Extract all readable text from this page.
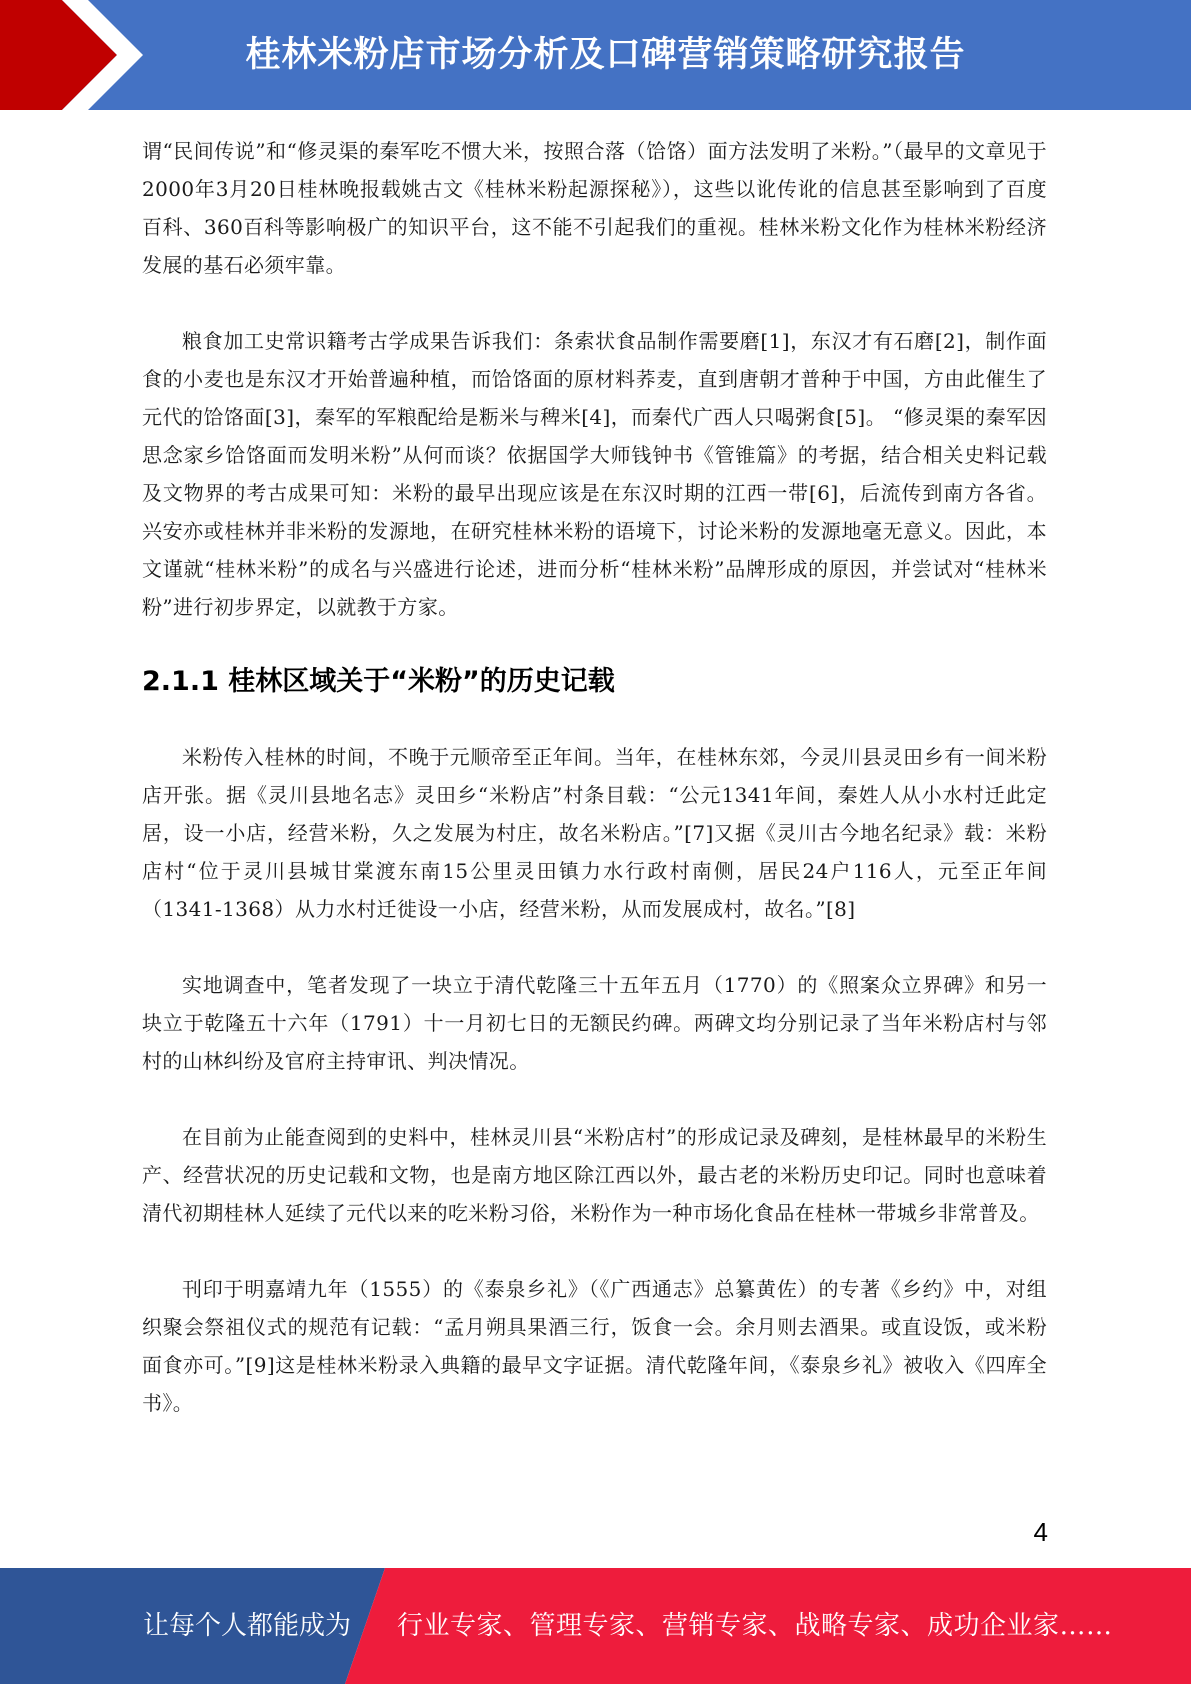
桂林米粉店市场分析及口碑营销策略研究报告

谓“民间传说”和“修灵渠的秦军吃不惯大米，按照合落（饸饹）面方法发明了米粉。”（最早的文章见于2000年3月20日桂林晚报载姚古文《桂林米粉起源探秘》），这些以讹传讹的信息甚至影响到了百度百科、360百科等影响极广的知识平台，这不能不引起我们的重视。桂林米粉文化作为桂林米粉经济发展的基石必须牢靠。

粮食加工史常识籍考古学成果告诉我们：条索状食品制作需要磨[1]，东汉才有石磨[2]，制作面食的小麦也是东汉才开始普遍种植，而饸饹面的原材料荞麦，直到唐朝才普种于中国，方由此催生了元代的饸饹面[3]，秦军的军粮配给是粝米与稗米[4]，而秦代广西人只喝粥食[5]。 “修灵渠的秦军因思念家乡饸饹面而发明米粉”从何而谈？依据国学大师钱钟书《管锥篇》的考据，结合相关史料记载及文物界的考古成果可知：米粉的最早出现应该是在东汉时期的江西一带[6]，后流传到南方各省。兴安亦或桂林并非米粉的发源地，在研究桂林米粉的语境下，讨论米粉的发源地毫无意义。因此，本文谨就“桂林米粉”的成名与兴盛进行论述，进而分析“桂林米粉”品牌形成的原因，并尝试对“桂林米粉”进行初步界定，以就教于方家。

2.1.1 桂林区域关于“米粉”的历史记载

米粉传入桂林的时间，不晚于元顺帝至正年间。当年，在桂林东郊，今灵川县灵田乡有一间米粉店开张。据《灵川县地名志》灵田乡“米粉店”村条目载：“公元1341年间，秦姓人从小水村迁此定居，设一小店，经营米粉，久之发展为村庄，故名米粉店。”[7]又据《灵川古今地名纪录》载：米粉店村“位于灵川县城甘棠渡东南15公里灵田镇力水行政村南侧，居民24户116人，元至正年间（1341-1368）从力水村迁徙设一小店，经营米粉，从而发展成村，故名。”[8]

实地调查中，笔者发现了一块立于清代乾隆三十五年五月（1770）的《照案众立界碑》和另一块立于乾隆五十六年（1791）十一月初七日的无额民约碑。两碑文均分别记录了当年米粉店村与邻村的山林纠纷及官府主持审讯、判决情况。

在目前为止能查阅到的史料中，桂林灵川县“米粉店村”的形成记录及碑刻，是桂林最早的米粉生产、经营状况的历史记载和文物，也是南方地区除江西以外，最古老的米粉历史印记。同时也意味着清代初期桂林人延续了元代以来的吃米粉习俗，米粉作为一种市场化食品在桂林一带城乡非常普及。

刊印于明嘉靖九年（1555）的《泰泉乡礼》（《广西通志》总纂黄佐）的专著《乡约》中，对组织聚会祭祖仪式的规范有记载：“孟月朔具果酒三行，饭食一会。余月则去酒果。或直设饭，或米粉面食亦可。”[9]这是桂林米粉录入典籍的最早文字证据。清代乾隆年间，《泰泉乡礼》被收入《四库全书》。

4
让每个人都能成为 行业专家、管理专家、营销专家、战略专家、成功企业家……
